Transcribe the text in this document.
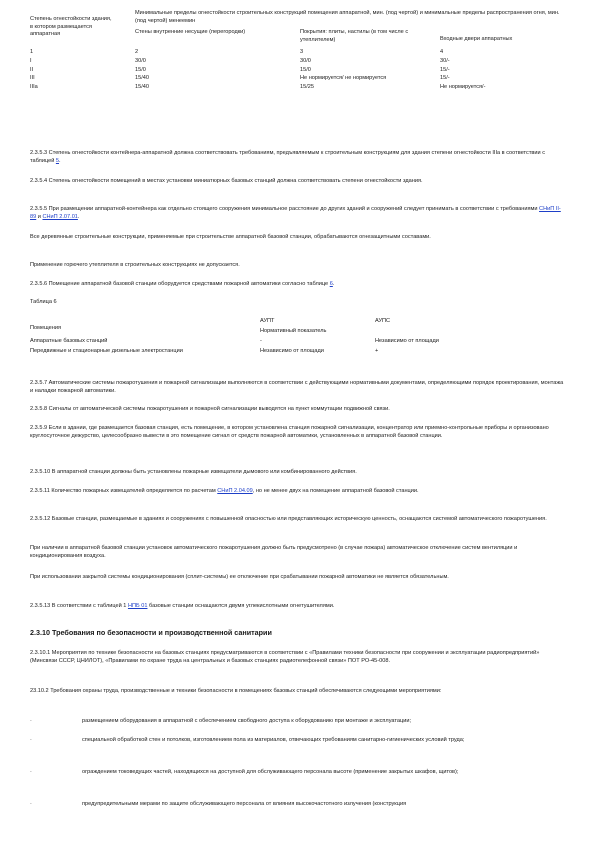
Степень огнестойкости здания, в котором размещается аппаратная	Минимальные пределы огнестойкости строительных конструкций помещения аппаратной, мин. (под чертой) и минимальные пределы распространения огня, мин. (под чертой) менеемин		
	Стены внутренние несущие (перегородки)	Покрытия: плиты, настилы (в том числе с утеплителем)	Входные двери аппаратных
1	2	3	4
I	30/0	30/0	30/-
II	15/0	15/0	15/-
III	15/40	Не нормируется/ не нормируется	15/-
IIIа	15/40	15/25	Не нормируется/-

2.3.5.3 Степень огнестойкости контейнера-аппаратной должна соответствовать требованиям, предъявляемым к строительным конструкциям для здания степени огнестойкости IIIа в соответствии с таблицей 5.

2.3.5.4 Степень огнестойкости помещений в местах установки миниатюрных базовых станций должна соответствовать степени огнестойкости здания.

2.3.5.5 При размещении аппаратной-контейнера как отдельно стоящего сооружения минимальное расстояние до других зданий и сооружений следует принимать в соответствии с требованиями СНиП II-89 и СНиП 2.07.01.

Все деревянные строительные конструкции, применяемые при строительстве аппаратной базовой станции, обрабатываются огнезащитными составами.

Применение горючего утеплителя в строительных конструкциях не допускается.

2.3.5.6 Помещение аппаратной базовой станции оборудуется средствами пожарной автоматики согласно таблице 6.

Таблица 6

Помещения	АУПТ	АУПС
Нормативный показатель
Аппаратные базовых станций	-	Независимо от площади
Передвижные и стационарные дизельные электростанции	Независимо от площади	+

2.3.5.7 Автоматические системы пожаротушения и пожарной сигнализации выполняются в соответствии с действующими нормативными документами, определяющими порядок проектирования, монтажа и наладки пожарной автоматики.

2.3.5.8 Сигналы от автоматической системы пожаротушения и пожарной сигнализации выводятся на пункт коммутации подвижной связи.

2.3.5.9 Если в здании, где размещается базовая станция, есть помещение, в котором установлена станция пожарной сигнализации, концентратор или приемно-контрольные приборы и организовано круглосуточное дежурство, целесообразно вывести в это помещение сигнал от средств пожарной автоматики, установленных в аппаратной базовой станции.

2.3.5.10 В аппаратной станции должны быть установлены пожарные извещатели дымового или комбинированного действия.

2.3.5.11 Количество пожарных извещателей определяется по расчетам СНиП 2.04.09, но не менее двух на помещение аппаратной базовой станции.

2.3.5.12 Базовые станции, размещаемые в зданиях и сооружениях с повышенной опасностью или представляющих историческую ценность, оснащаются системой автоматического пожаротушения.

При наличии в аппаратной базовой станции установок автоматического пожаротушения должно быть предусмотрено (в случае пожара) автоматическое отключение систем вентиляции и кондиционирования воздуха.

При использовании закрытой системы кондиционирования (сплит-системы) ее отключение при срабатывании пожарной автоматики не является обязательным.

2.3.5.13 В соответствии с таблицей 1 НПБ 01 базовые станции оснащаются двумя углекислотными огнетушителями.

2.3.10 Требования по безопасности и производственной санитарии

2.3.10.1 Мероприятия по технике безопасности на базовых станциях предусматриваются в соответствии с «Правилами техники безопасности при сооружении и эксплуатации радиопредприятий» (Минсвязи СССР, ЦНИЛОТ), «Правилами по охране труда на центральных и базовых станциях радиотелефонной связи» ПОТ РО-45-008.

23.10.2 Требования охраны труда, производственные и техники безопасности в помещениях базовых станций обеспечиваются следующими мероприятиями:

·	размещением оборудования в аппаратной с обеспечением свободного доступа к оборудованию при монтаже и эксплуатации;
·	специальной обработкой стен и потолков, изготовлением пола из материалов, отвечающих требованиям санитарно-гигиенических условий труда;
·	ограждением токоведущих частей, находящихся на доступной для обслуживающего персонала высоте (применение закрытых шкафов, щитов);
·	предупредительными мерами по защите обслуживающего персонала от влияния высокочастотного излучения (конструкция
